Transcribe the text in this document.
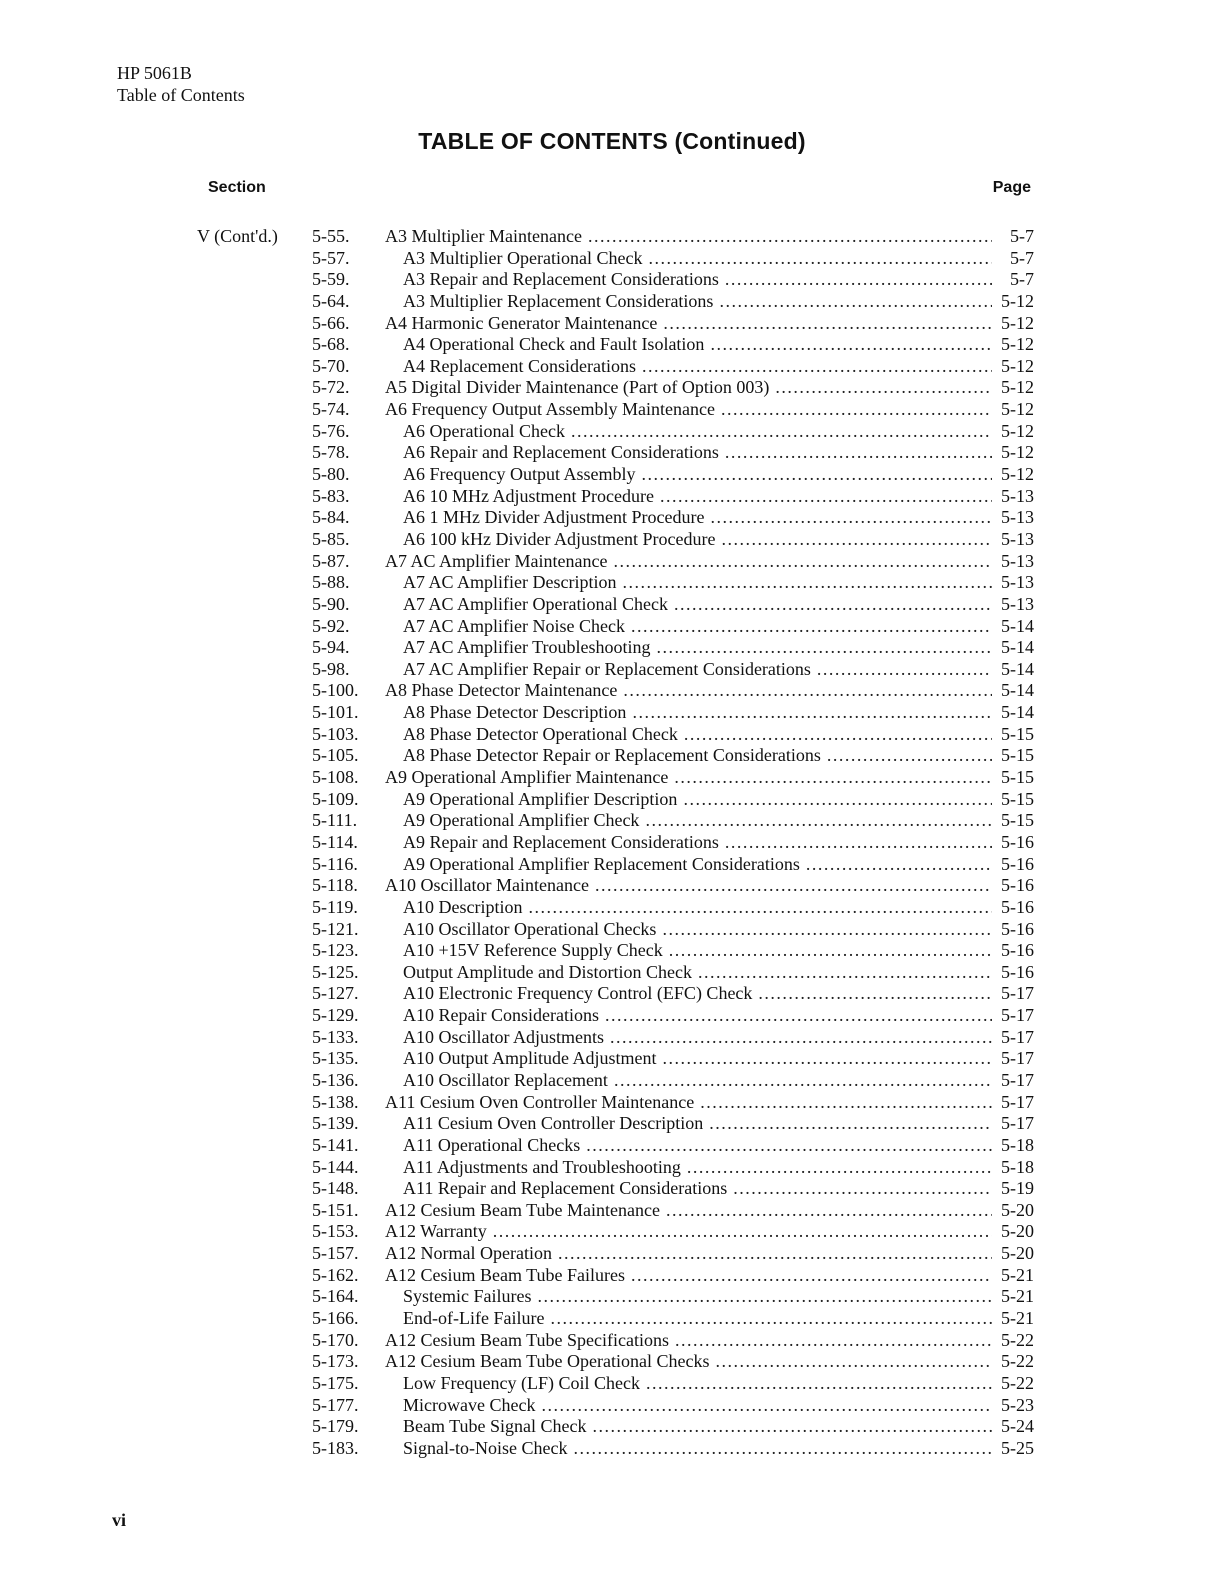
HP 5061B
Table of Contents
TABLE OF CONTENTS (Continued)
Section	Page
V (Cont'd.) 5-55.	A3 Multiplier Maintenance . . .	5-7
5-57.	A3 Multiplier Operational Check . . .	5-7
5-59.	A3 Repair and Replacement Considerations . . .	5-7
5-64.	A3 Multiplier Replacement Considerations . . .	5-12
5-66.	A4 Harmonic Generator Maintenance . . .	5-12
5-68.	A4 Operational Check and Fault Isolation . . .	5-12
5-70.	A4 Replacement Considerations . . .	5-12
5-72.	A5 Digital Divider Maintenance (Part of Option 003) . . .	5-12
5-74.	A6 Frequency Output Assembly Maintenance . . .	5-12
5-76.	A6 Operational Check . . .	5-12
5-78.	A6 Repair and Replacement Considerations . . .	5-12
5-80.	A6 Frequency Output Assembly . . .	5-12
5-83.	A6 10 MHz Adjustment Procedure . . .	5-13
5-84.	A6 1 MHz Divider Adjustment Procedure . . .	5-13
5-85.	A6 100 kHz Divider Adjustment Procedure . . .	5-13
5-87.	A7 AC Amplifier Maintenance . . .	5-13
5-88.	A7 AC Amplifier Description . . .	5-13
5-90.	A7 AC Amplifier Operational Check . . .	5-13
5-92.	A7 AC Amplifier Noise Check . . .	5-14
5-94.	A7 AC Amplifier Troubleshooting . . .	5-14
5-98.	A7 AC Amplifier Repair or Replacement Considerations . . .	5-14
5-100.	A8 Phase Detector Maintenance . . .	5-14
5-101.	A8 Phase Detector Description . . .	5-14
5-103.	A8 Phase Detector Operational Check . . .	5-15
5-105.	A8 Phase Detector Repair or Replacement Considerations . . .	5-15
5-108.	A9 Operational Amplifier Maintenance . . .	5-15
5-109.	A9 Operational Amplifier Description . . .	5-15
5-111.	A9 Operational Amplifier Check . . .	5-15
5-114.	A9 Repair and Replacement Considerations . . .	5-16
5-116.	A9 Operational Amplifier Replacement Considerations . . .	5-16
5-118.	A10 Oscillator Maintenance . . .	5-16
5-119.	A10 Description . . .	5-16
5-121.	A10 Oscillator Operational Checks . . .	5-16
5-123.	A10 +15V Reference Supply Check . . .	5-16
5-125.	Output Amplitude and Distortion Check . . .	5-16
5-127.	A10 Electronic Frequency Control (EFC) Check . . .	5-17
5-129.	A10 Repair Considerations . . .	5-17
5-133.	A10 Oscillator Adjustments . . .	5-17
5-135.	A10 Output Amplitude Adjustment . . .	5-17
5-136.	A10 Oscillator Replacement . . .	5-17
5-138.	A11 Cesium Oven Controller Maintenance . . .	5-17
5-139.	A11 Cesium Oven Controller Description . . .	5-17
5-141.	A11 Operational Checks . . .	5-18
5-144.	A11 Adjustments and Troubleshooting . . .	5-18
5-148.	A11 Repair and Replacement Considerations . . .	5-19
5-151.	A12 Cesium Beam Tube Maintenance . . .	5-20
5-153.	A12 Warranty . . .	5-20
5-157.	A12 Normal Operation . . .	5-20
5-162.	A12 Cesium Beam Tube Failures . . .	5-21
5-164.	Systemic Failures . . .	5-21
5-166.	End-of-Life Failure . . .	5-21
5-170.	A12 Cesium Beam Tube Specifications . . .	5-22
5-173.	A12 Cesium Beam Tube Operational Checks . . .	5-22
5-175.	Low Frequency (LF) Coil Check . . .	5-22
5-177.	Microwave Check . . .	5-23
5-179.	Beam Tube Signal Check . . .	5-24
5-183.	Signal-to-Noise Check . . .	5-25
vi
